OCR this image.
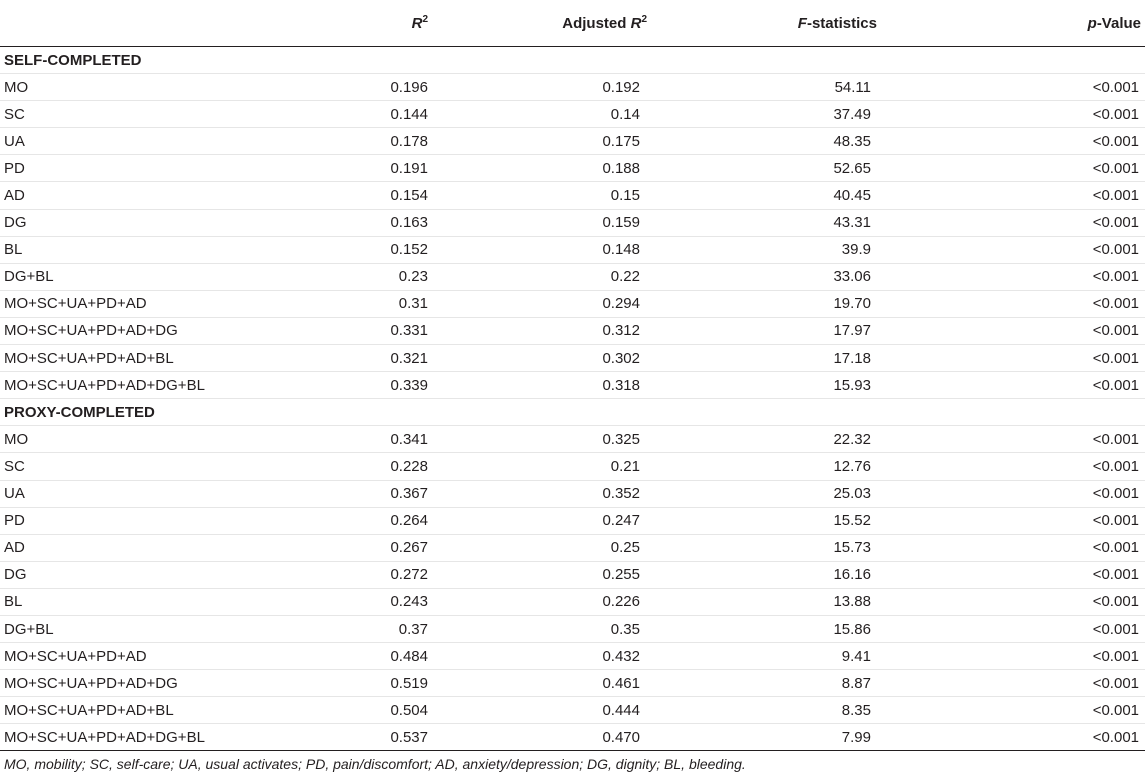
	$R^2$	Adjusted $R^2$	F-statistics	p-Value
SELF-COMPLETED				
MO	0.196	0.192	54.11	<0.001
SC	0.144	0.14	37.49	<0.001
UA	0.178	0.175	48.35	<0.001
PD	0.191	0.188	52.65	<0.001
AD	0.154	0.15	40.45	<0.001
DG	0.163	0.159	43.31	<0.001
BL	0.152	0.148	39.9	<0.001
DG+BL	0.23	0.22	33.06	<0.001
MO+SC+UA+PD+AD	0.31	0.294	19.70	<0.001
MO+SC+UA+PD+AD+DG	0.331	0.312	17.97	<0.001
MO+SC+UA+PD+AD+BL	0.321	0.302	17.18	<0.001
MO+SC+UA+PD+AD+DG+BL	0.339	0.318	15.93	<0.001
PROXY-COMPLETED				
MO	0.341	0.325	22.32	<0.001
SC	0.228	0.21	12.76	<0.001
UA	0.367	0.352	25.03	<0.001
PD	0.264	0.247	15.52	<0.001
AD	0.267	0.25	15.73	<0.001
DG	0.272	0.255	16.16	<0.001
BL	0.243	0.226	13.88	<0.001
DG+BL	0.37	0.35	15.86	<0.001
MO+SC+UA+PD+AD	0.484	0.432	9.41	<0.001
MO+SC+UA+PD+AD+DG	0.519	0.461	8.87	<0.001
MO+SC+UA+PD+AD+BL	0.504	0.444	8.35	<0.001
MO+SC+UA+PD+AD+DG+BL	0.537	0.470	7.99	<0.001
MO, mobility; SC, self-care; UA, usual activates; PD, pain/discomfort; AD, anxiety/depression; DG, dignity; BL, bleeding.
